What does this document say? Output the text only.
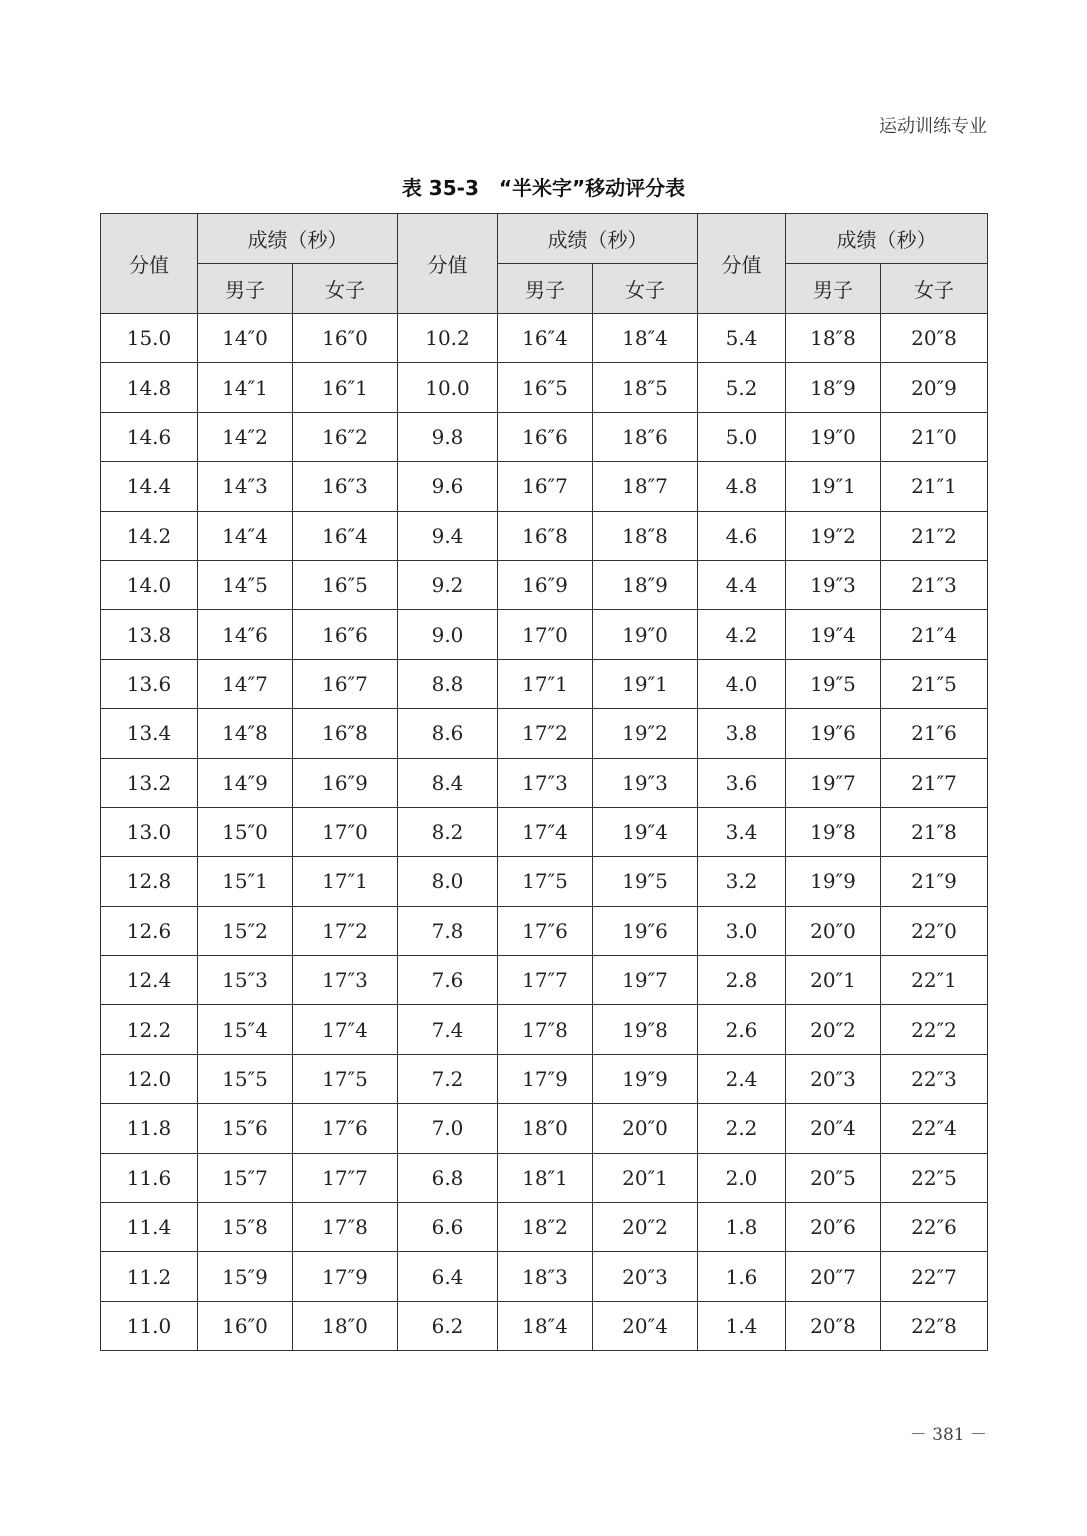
运动训练专业
表 35-3　“半米字”移动评分表
分值	成绩（秒）		分值	成绩（秒）		分值	成绩（秒）	
	男子	女子		男子	女子		男子	女子
15.0	14″0	16″0	10.2	16″4	18″4	5.4	18″8	20″8
14.8	14″1	16″1	10.0	16″5	18″5	5.2	18″9	20″9
14.6	14″2	16″2	9.8	16″6	18″6	5.0	19″0	21″0
14.4	14″3	16″3	9.6	16″7	18″7	4.8	19″1	21″1
14.2	14″4	16″4	9.4	16″8	18″8	4.6	19″2	21″2
14.0	14″5	16″5	9.2	16″9	18″9	4.4	19″3	21″3
13.8	14″6	16″6	9.0	17″0	19″0	4.2	19″4	21″4
13.6	14″7	16″7	8.8	17″1	19″1	4.0	19″5	21″5
13.4	14″8	16″8	8.6	17″2	19″2	3.8	19″6	21″6
13.2	14″9	16″9	8.4	17″3	19″3	3.6	19″7	21″7
13.0	15″0	17″0	8.2	17″4	19″4	3.4	19″8	21″8
12.8	15″1	17″1	8.0	17″5	19″5	3.2	19″9	21″9
12.6	15″2	17″2	7.8	17″6	19″6	3.0	20″0	22″0
12.4	15″3	17″3	7.6	17″7	19″7	2.8	20″1	22″1
12.2	15″4	17″4	7.4	17″8	19″8	2.6	20″2	22″2
12.0	15″5	17″5	7.2	17″9	19″9	2.4	20″3	22″3
11.8	15″6	17″6	7.0	18″0	20″0	2.2	20″4	22″4
11.6	15″7	17″7	6.8	18″1	20″1	2.0	20″5	22″5
11.4	15″8	17″8	6.6	18″2	20″2	1.8	20″6	22″6
11.2	15″9	17″9	6.4	18″3	20″3	1.6	20″7	22″7
11.0	16″0	18″0	6.2	18″4	20″4	1.4	20″8	22″8
－ 381 －
